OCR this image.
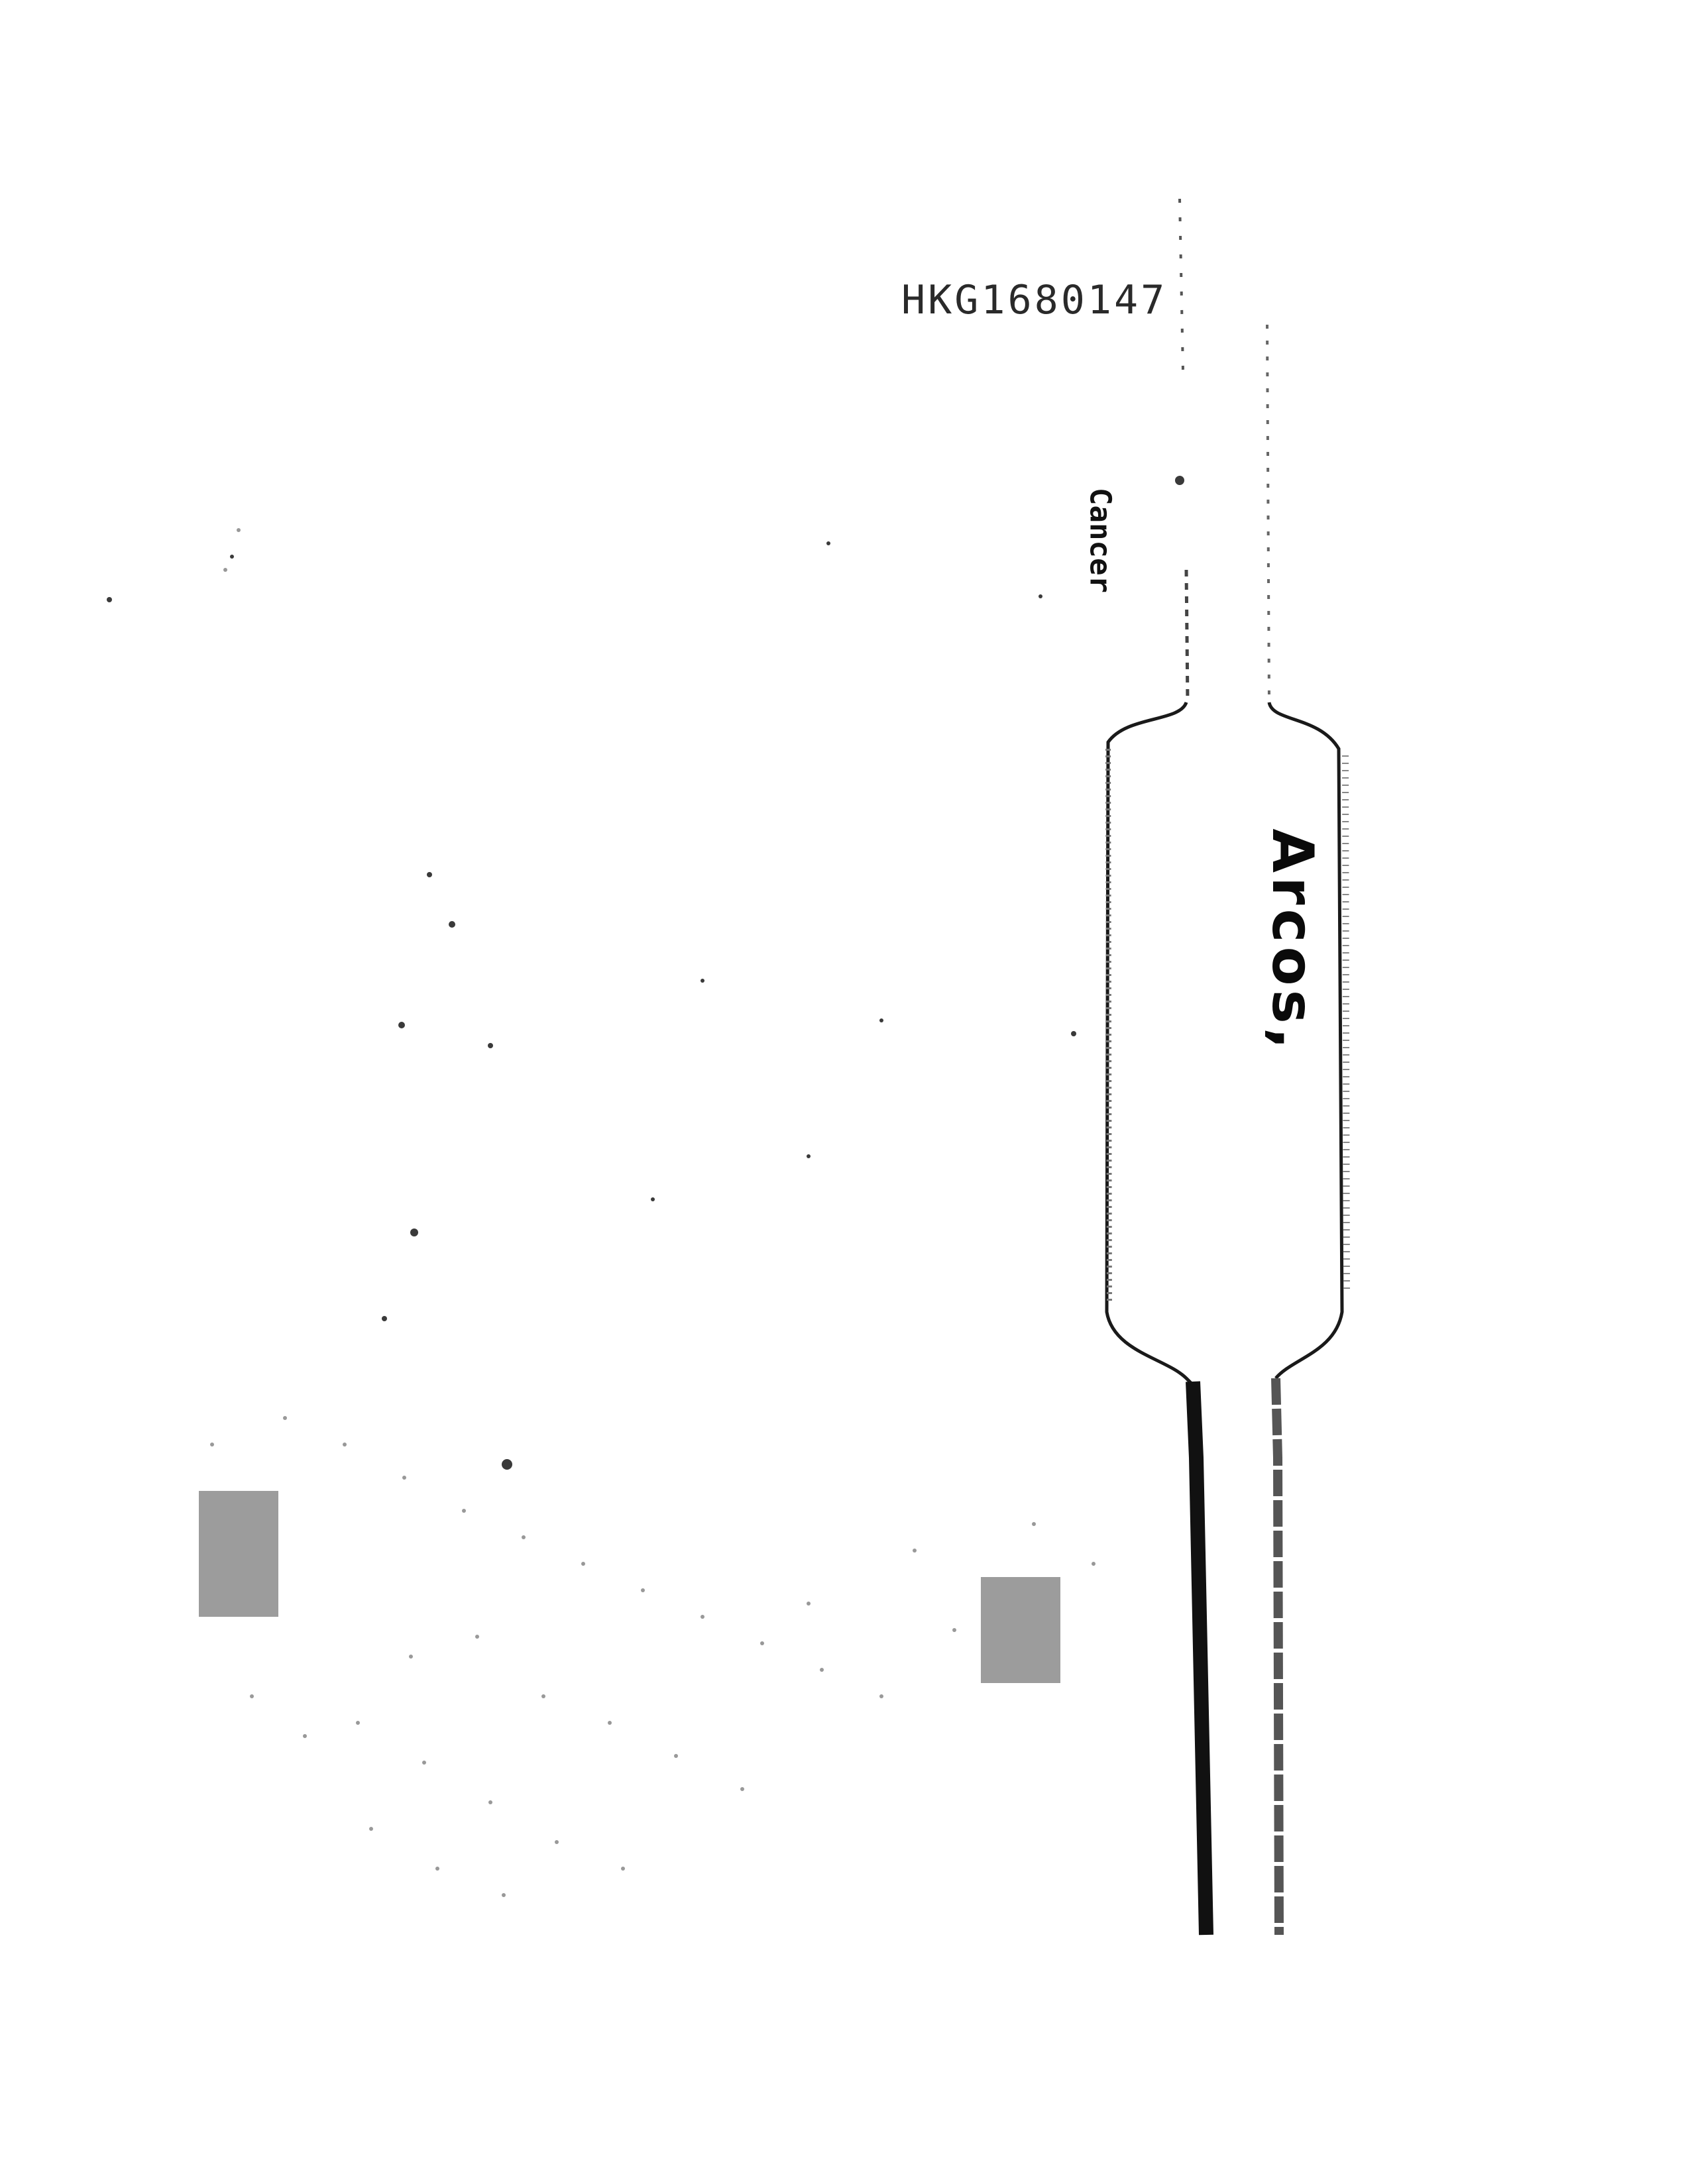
HKG1680147
Cancer
Arcos,
